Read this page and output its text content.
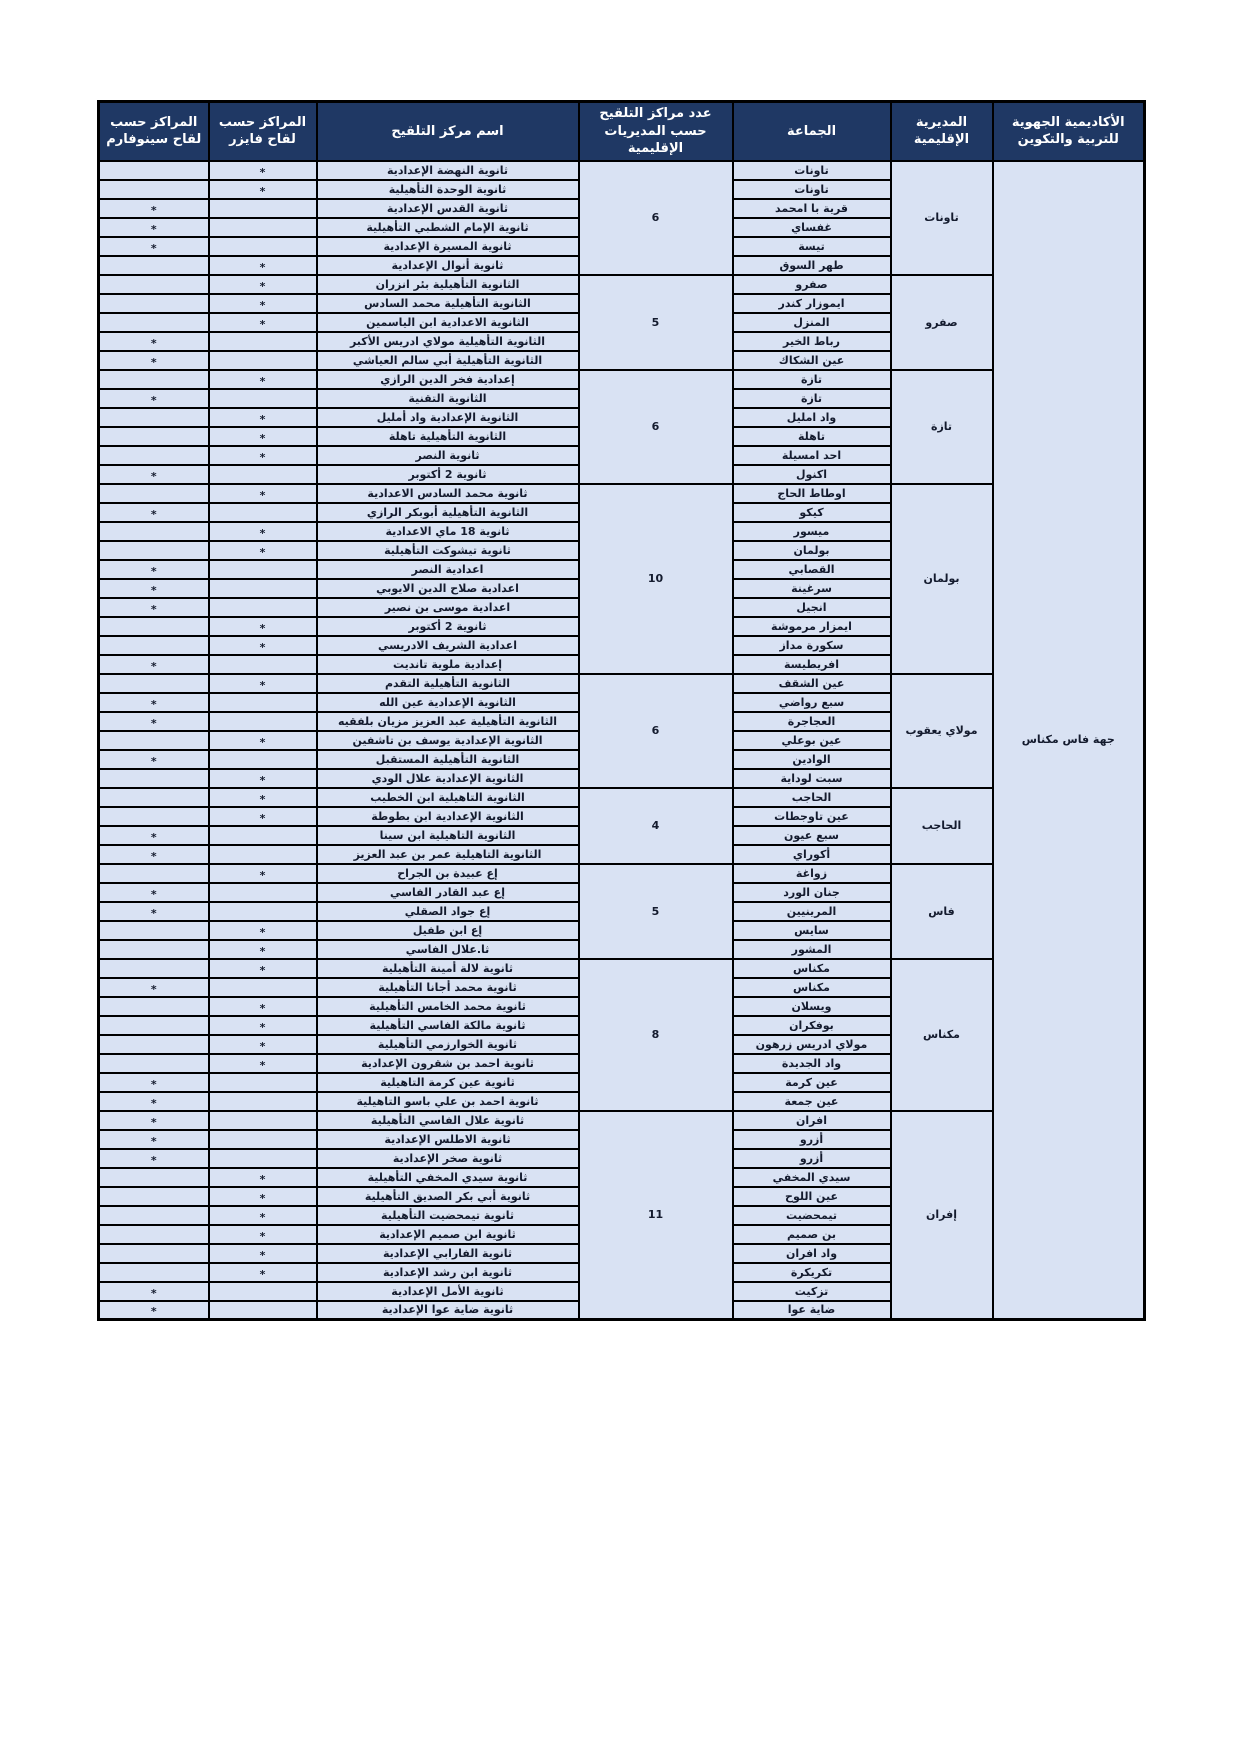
الأكاديمية الجهوية للتربية والتكوين	المديرية الإقليمية	الجماعة	عدد مراكز التلقيح حسب المديريات الإقليمية	اسم مركز التلقيح	المراكز حسب لقاح فايزر	المراكز حسب لقاح سينوفارم
جهة فاس مكناس	تاونات	تاونات	6	ثانوية النهضة الإعدادية	*	
		تاونات		ثانوية الوحدة التأهيلية	*	
		قرية با امحمد		ثانوية القدس الإعدادية		*
		غفساي		ثانوية الإمام الشطبي التأهيلية		*
		تيسة		ثانوية المسيرة الإعدادية		*
		طهر السوق		ثانوية أنوال الإعدادية	*	
	صفرو	صفرو	5	الثانوية التأهيلية بئر انزران	*	
		ايموزار كندر		الثانوية التأهيلية محمد السادس	*	
		المنزل		الثانوية الاعدادية ابن الياسمين	*	
		رباط الخير		الثانوية التأهيلية مولاي ادريس الأكبر		*
		عين الشكاك		الثانوية التأهيلية أبي سالم العياشي		*
	تازة	تازة	6	إعدادية فخر الدين الرازي	*	
		تازة		الثانوية التقنية		*
		واد امليل		الثانوية الإعدادية واد أمليل	*	
		تاهلة		الثانوية التأهيلية تاهلة	*	
		احد امسيلة		ثانوية النصر	*	
		اكنول		ثانوية 2 أكتوبر		*
	بولمان	اوطاط الحاج	10	ثانوية محمد السادس الاعدادية	*	
		كيكو		الثانوية التأهيلية أبوبكر الرازي		*
		ميسور		ثانوية 18 ماي الاعدادية	*	
		بولمان		ثانوية تيشوكت التأهيلية	*	
		القصابي		اعدادية النصر		*
		سرغينة		اعدادية صلاح الدين الايوبي		*
		انجيل		اعدادية موسى بن نصير		*
		ايمزار مرموشة		ثانوية 2 أكتوبر	*	
		سكورة مداز		اعدادية الشريف الادريسي	*	
		افريطيسة		إعدادية ملوية تانديت		*
	مولاي يعقوب	عين الشقف	6	الثانوية التأهيلية التقدم	*	
		سبع رواضي		الثانوية الإعدادية عين الله		*
		العجاجرة		الثانوية التأهيلية عبد العزيز مزيان بلفقيه		*
		عين بوعلي		الثانوية الإعدادية يوسف بن تاشفين	*	
		الوادين		الثانوية التأهيلية المستقبل		*
		سبت لوداية		الثانوية الإعدادية علال الودي	*	
	الحاجب	الحاجب	4	الثانوية التاهيلية ابن الخطيب	*	
		عين تاوجطات		الثانوية الإعدادية ابن بطوطة	*	
		سبع عيون		الثانوية التاهيلية ابن سينا		*
		أكوراي		الثانوية التاهيلية عمر بن عبد العزيز		*
	فاس	زواغة	5	إع عبيدة بن الجراح	*	
		جنان الورد		إع عبد القادر الفاسي		*
		المرينيين		إع جواد الصقلي		*
		سايس		إع ابن طفيل	*	
		المشور		ثا.علال الفاسي	*	
	مكناس	مكناس	8	ثانوية لالة أمينة التأهيلية	*	
		مكناس		ثانوية محمد أجانا التأهيلية		*
		ويسلان		ثانوية محمد الخامس التأهيلية	*	
		بوفكران		ثانوية مالكة الفاسي التأهيلية	*	
		مولاي ادريس زرهون		ثانوية الخوارزمي التأهيلية	*	
		واد الجديدة		ثانوية احمد بن شقرون الإعدادية	*	
		عين كرمة		ثانوية عين كرمة التاهيلية		*
		عين جمعة		ثانوية احمد بن علي باسو التاهيلية		*
	إفران	افران	11	ثانوية علال الفاسي التأهيلية		*
		أزرو		ثانوية الاطلس الإعدادية		*
		أزرو		ثانوية صخر الإعدادية		*
		سيدي المخفي		ثانوية سيدي المخفي التأهيلية	*	
		عين اللوح		ثانوية أبي بكر الصديق التأهيلية	*	
		تيمحضيت		ثانوية تيمحضيت التأهيلية	*	
		بن صميم		ثانوية ابن صميم الإعدادية	*	
		واد افران		ثانوية الفارابي الإعدادية	*	
		تكريكرة		ثانوية ابن رشد الإعدادية	*	
		تزكيت		ثانوية الأمل الإعدادية		*
		ضاية عوا		ثانوية ضاية عوا الإعدادية		*
